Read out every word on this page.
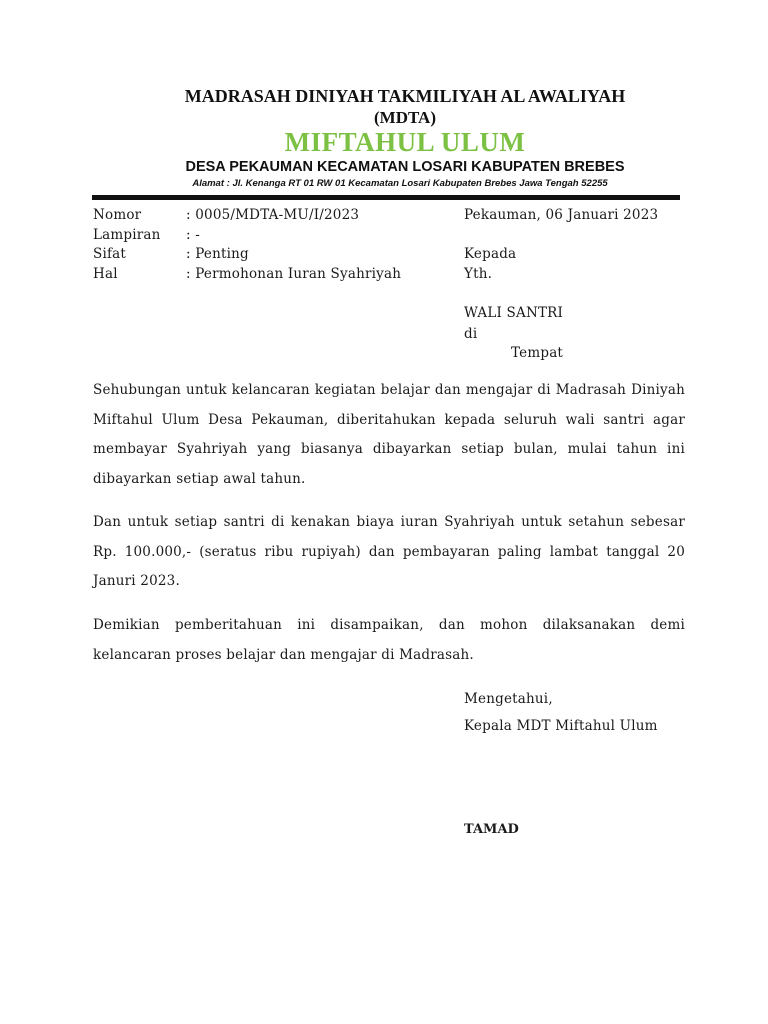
MADRASAH DINIYAH TAKMILIYAH AL AWALIYAH
(MDTA)
MIFTAHUL ULUM
DESA PEKAUMAN KECAMATAN LOSARI KABUPATEN BREBES
Alamat : Jl. Kenanga RT 01 RW 01 Kecamatan Losari Kabupaten Brebes Jawa Tengah 52255
Nomor	: 0005/MDTA-MU/I/2023
Lampiran : -
Sifat	: Penting
Hal	: Permohonan Iuran Syahriyah
Pekauman, 06 Januari 2023
Kepada
Yth.
WALI SANTRI
di
Tempat
Sehubungan untuk kelancaran kegiatan belajar dan mengajar di Madrasah Diniyah Miftahul Ulum Desa Pekauman, diberitahukan kepada seluruh wali santri agar membayar Syahriyah yang biasanya dibayarkan setiap bulan, mulai tahun ini dibayarkan setiap awal tahun.
Dan untuk setiap santri di kenakan biaya iuran Syahriyah untuk setahun sebesar Rp. 100.000,- (seratus ribu rupiyah) dan pembayaran paling lambat tanggal 20 Januri 2023.
Demikian pemberitahuan ini disampaikan, dan mohon dilaksanakan demi kelancaran proses belajar dan mengajar di Madrasah.
Mengetahui,
Kepala MDT Miftahul Ulum
TAMAD
